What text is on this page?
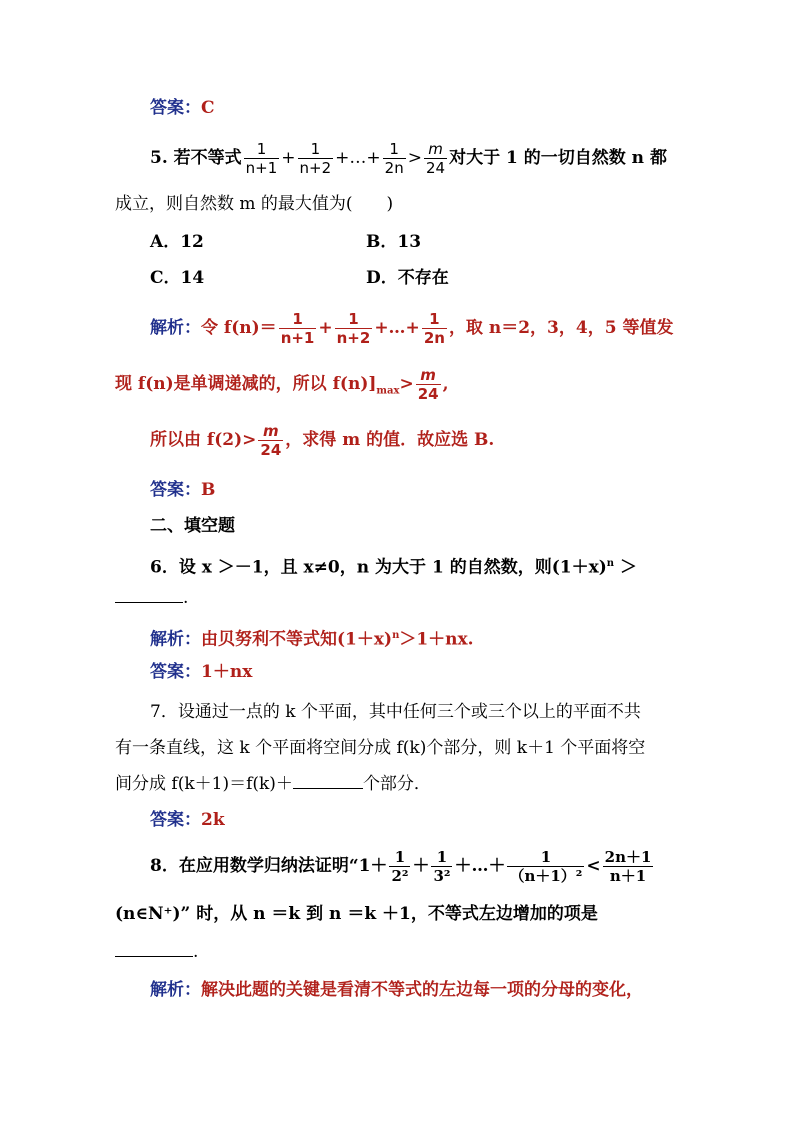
答案：C
5. 若不等式 $\frac{1}{n+1} + \frac{1}{n+2}$ +…+ $\frac{1}{2n} > \frac{m}{24}$ 对大于 1 的一切自然数 n 都
成立，则自然数 m 的最大值为(　　)
A．12	B．13
C．14	D．不存在
解析：令 $f(n)= \frac{1}{n+1} + \frac{1}{n+2}$ +…+ $\frac{1}{2n}$ ，取 n＝2，3，4，5 等值发
现 f(n)是单调递减的，所以 $f(n)]_{max}> \frac{m}{24}$ ,
所以由 $f(2)> \frac{m}{24}$ ，求得 m 的值．故应选 B.
答案：B
二、填空题
6．设 x ＞－1，且 x≠0，n 为大于 1 的自然数，则$(1+x)^n$ ＞
.
解析：由贝努利不等式知$(1+x)^n>1+nx$.
答案：1＋nx
7．设通过一点的 k 个平面，其中任何三个或三个以上的平面不共
有一条直线，这 k 个平面将空间分成 f(k)个部分，则 k＋1 个平面将空
间分成 f(k＋1)＝f(k)＋	个部分．
答案：2k
8．在应用数学归纳法证明“$1+ \frac{1}{\text{2²}} + \frac{1}{\text{3²}}$ ＋…＋ $\frac{1}{\text{（n＋1）²}} < \frac{2n+1}{n+1}$
(n∈N⁺)” 时，从 n ＝k 到 n ＝k ＋1，不等式左边增加的项是
.
解析：解决此题的关键是看清不等式的左边每一项的分母的变化，
